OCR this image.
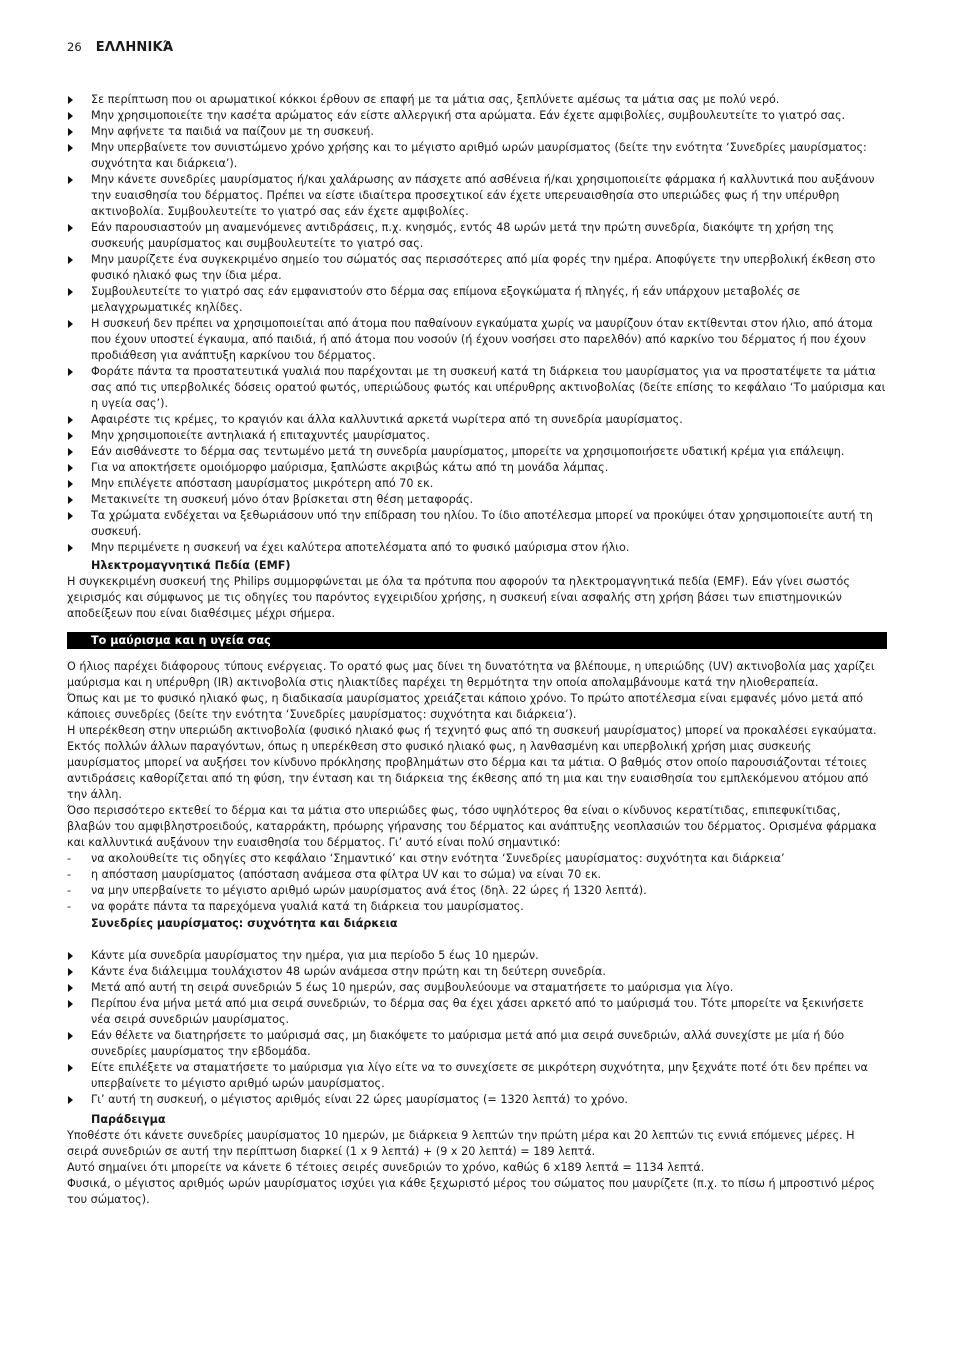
26 ΕΛΛΗΝΙΚΆ
Σε περίπτωση που οι αρωματικοί κόκκοι έρθουν σε επαφή με τα μάτια σας, ξεπλύνετε αμέσως τα μάτια σας με πολύ νερό.
Μην χρησιμοποιείτε την κασέτα αρώματος εάν είστε αλλεργική στα αρώματα. Εάν έχετε αμφιβολίες, συμβουλευτείτε το γιατρό σας.
Μην αφήνετε τα παιδιά να παίζουν με τη συσκευή.
Μην υπερβαίνετε τον συνιστώμενο χρόνο χρήσης και το μέγιστο αριθμό ωρών μαυρίσματος (δείτε την ενότητα ‘Συνεδρίες μαυρίσματος: συχνότητα και διάρκεια’).
Μην κάνετε συνεδρίες μαυρίσματος ή/και χαλάρωσης αν πάσχετε από ασθένεια ή/και χρησιμοποιείτε φάρμακα ή καλλυντικά που αυξάνουν την ευαισθησία του δέρματος. Πρέπει να είστε ιδιαίτερα προσεχτικοί εάν έχετε υπερευαισθησία στο υπεριώδες φως ή την υπέρυθρη ακτινοβολία. Συμβουλευτείτε το γιατρό σας εάν έχετε αμφιβολίες.
Εάν παρουσιαστούν μη αναμενόμενες αντιδράσεις, π.χ. κνησμός, εντός 48 ωρών μετά την πρώτη συνεδρία, διακόψτε τη χρήση της συσκευής μαυρίσματος και συμβουλευτείτε το γιατρό σας.
Μην μαυρίζετε ένα συγκεκριμένο σημείο του σώματός σας περισσότερες από μία φορές την ημέρα. Αποφύγετε την υπερβολική έκθεση στο φυσικό ηλιακό φως την ίδια μέρα.
Συμβουλευτείτε το γιατρό σας εάν εμφανιστούν στο δέρμα σας επίμονα εξογκώματα ή πληγές, ή εάν υπάρχουν μεταβολές σε μελαγχρωματικές κηλίδες.
Η συσκευή δεν πρέπει να χρησιμοποιείται από άτομα που παθαίνουν εγκαύματα χωρίς να μαυρίζουν όταν εκτίθενται στον ήλιο, από άτομα που έχουν υποστεί έγκαυμα, από παιδιά, ή από άτομα που νοσούν (ή έχουν νοσήσει στο παρελθόν) από καρκίνο του δέρματος ή που έχουν προδιάθεση για ανάπτυξη καρκίνου του δέρματος.
Φοράτε πάντα τα προστατευτικά γυαλιά που παρέχονται με τη συσκευή κατά τη διάρκεια του μαυρίσματος για να προστατέψετε τα μάτια σας από τις υπερβολικές δόσεις ορατού φωτός, υπεριώδους φωτός και υπέρυθρης ακτινοβολίας (δείτε επίσης το κεφάλαιο ‘Το μαύρισμα και η υγεία σας’).
Αφαιρέστε τις κρέμες, το κραγιόν και άλλα καλλυντικά αρκετά νωρίτερα από τη συνεδρία μαυρίσματος.
Μην χρησιμοποιείτε αντηλιακά ή επιταχυντές μαυρίσματος.
Εάν αισθάνεστε το δέρμα σας τεντωμένο μετά τη συνεδρία μαυρίσματος, μπορείτε να χρησιμοποιήσετε υδατική κρέμα για επάλειψη.
Για να αποκτήσετε ομοιόμορφο μαύρισμα, ξαπλώστε ακριβώς κάτω από τη μονάδα λάμπας.
Μην επιλέγετε απόσταση μαυρίσματος μικρότερη από 70 εκ.
Μετακινείτε τη συσκευή μόνο όταν βρίσκεται στη θέση μεταφοράς.
Τα χρώματα ενδέχεται να ξεθωριάσουν υπό την επίδραση του ηλίου. Το ίδιο αποτέλεσμα μπορεί να προκύψει όταν χρησιμοποιείτε αυτή τη συσκευή.
Μην περιμένετε η συσκευή να έχει καλύτερα αποτελέσματα από το φυσικό μαύρισμα στον ήλιο.

Ηλεκτρομαγνητικά Πεδία (EMF)

Η συγκεκριμένη συσκευή της Philips συμμορφώνεται με όλα τα πρότυπα που αφορούν τα ηλεκτρομαγνητικά πεδία (EMF). Εάν γίνει σωστός χειρισμός και σύμφωνος με τις οδηγίες του παρόντος εγχειριδίου χρήσης, η συσκευή είναι ασφαλής στη χρήση βάσει των επιστημονικών αποδείξεων που είναι διαθέσιμες μέχρι σήμερα.

Το μαύρισμα και η υγεία σας

Ο ήλιος παρέχει διάφορους τύπους ενέργειας. Το ορατό φως μας δίνει τη δυνατότητα να βλέπουμε, η υπεριώδης (UV) ακτινοβολία μας χαρίζει μαύρισμα και η υπέρυθρη (IR) ακτινοβολία στις ηλιακτίδες παρέχει τη θερμότητα την οποία απολαμβάνουμε κατά την ηλιοθεραπεία.

Όπως και με το φυσικό ηλιακό φως, η διαδικασία μαυρίσματος χρειάζεται κάποιο χρόνο. Το πρώτο αποτέλεσμα είναι εμφανές μόνο μετά από κάποιες συνεδρίες (δείτε την ενότητα ‘Συνεδρίες μαυρίσματος: συχνότητα και διάρκεια’).

Η υπερέκθεση στην υπεριώδη ακτινοβολία (φυσικό ηλιακό φως ή τεχνητό φως από τη συσκευή μαυρίσματος) μπορεί να προκαλέσει εγκαύματα.

Εκτός πολλών άλλων παραγόντων, όπως η υπερέκθεση στο φυσικό ηλιακό φως, η λανθασμένη και υπερβολική χρήση μιας συσκευής μαυρίσματος μπορεί να αυξήσει τον κίνδυνο πρόκλησης προβλημάτων στο δέρμα και τα μάτια. Ο βαθμός στον οποίο παρουσιάζονται τέτοιες αντιδράσεις καθορίζεται από τη φύση, την ένταση και τη διάρκεια της έκθεσης από τη μια και την ευαισθησία του εμπλεκόμενου ατόμου από την άλλη.

Όσο περισσότερο εκτεθεί το δέρμα και τα μάτια στο υπεριώδες φως, τόσο υψηλότερος θα είναι ο κίνδυνος κερατίτιδας, επιπεφυκίτιδας, βλαβών του αμφιβληστροειδούς, καταρράκτη, πρόωρης γήρανσης του δέρματος και ανάπτυξης νεοπλασιών του δέρματος. Ορισμένα φάρμακα και καλλυντικά αυξάνουν την ευαισθησία του δέρματος. Γι’ αυτό είναι πολύ σημαντικό:

- να ακολουθείτε τις οδηγίες στο κεφάλαιο ‘Σημαντικό’ και στην ενότητα ‘Συνεδρίες μαυρίσματος: συχνότητα και διάρκεια’
- η απόσταση μαυρίσματος (απόσταση ανάμεσα στα φίλτρα UV και το σώμα) να είναι 70 εκ.
- να μην υπερβαίνετε το μέγιστο αριθμό ωρών μαυρίσματος ανά έτος (δηλ. 22 ώρες ή 1320 λεπτά).
- να φοράτε πάντα τα παρεχόμενα γυαλιά κατά τη διάρκεια του μαυρίσματος.

Συνεδρίες μαυρίσματος: συχνότητα και διάρκεια

Κάντε μία συνεδρία μαυρίσματος την ημέρα, για μια περίοδο 5 έως 10 ημερών.
Κάντε ένα διάλειμμα τουλάχιστον 48 ωρών ανάμεσα στην πρώτη και τη δεύτερη συνεδρία.
Μετά από αυτή τη σειρά συνεδριών 5 έως 10 ημερών, σας συμβουλεύουμε να σταματήσετε το μαύρισμα για λίγο.
Περίπου ένα μήνα μετά από μια σειρά συνεδριών, το δέρμα σας θα έχει χάσει αρκετό από το μαύρισμά του. Τότε μπορείτε να ξεκινήσετε νέα σειρά συνεδριών μαυρίσματος.
Εάν θέλετε να διατηρήσετε το μαύρισμά σας, μη διακόψετε το μαύρισμα μετά από μια σειρά συνεδριών, αλλά συνεχίστε με μία ή δύο συνεδρίες μαυρίσματος την εβδομάδα.
Είτε επιλέξετε να σταματήσετε το μαύρισμα για λίγο είτε να το συνεχίσετε σε μικρότερη συχνότητα, μην ξεχνάτε ποτέ ότι δεν πρέπει να υπερβαίνετε το μέγιστο αριθμό ωρών μαυρίσματος.
Γι’ αυτή τη συσκευή, ο μέγιστος αριθμός είναι 22 ώρες μαυρίσματος (= 1320 λεπτά) το χρόνο.

Παράδειγμα

Υποθέστε ότι κάνετε συνεδρίες μαυρίσματος 10 ημερών, με διάρκεια 9 λεπτών την πρώτη μέρα και 20 λεπτών τις εννιά επόμενες μέρες. Η σειρά συνεδριών σε αυτή την περίπτωση διαρκεί (1 x 9 λεπτά) + (9 x 20 λεπτά) = 189 λεπτά.

Αυτό σημαίνει ότι μπορείτε να κάνετε 6 τέτοιες σειρές συνεδριών το χρόνο, καθώς 6 x189 λεπτά = 1134 λεπτά.

Φυσικά, ο μέγιστος αριθμός ωρών μαυρίσματος ισχύει για κάθε ξεχωριστό μέρος του σώματος που μαυρίζετε (π.χ. το πίσω ή μπροστινό μέρος του σώματος).
